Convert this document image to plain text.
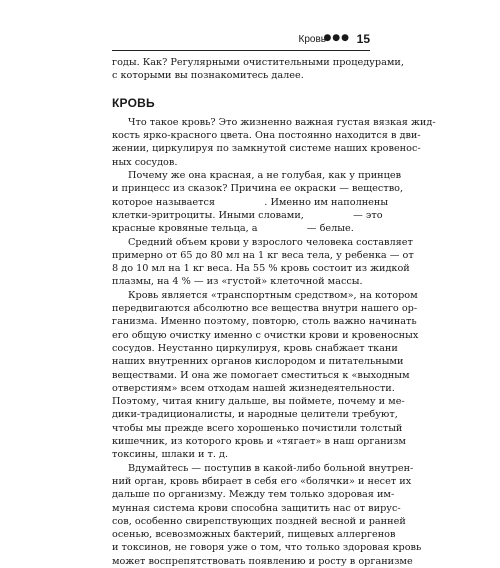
Кровь
●●● 15
годы. Как? Регулярными очистительными процедурами,
с которыми вы познакомитесь далее.
КРОВЬ
Что такое кровь? Это жизненно важная густая вязкая жид-
кость ярко-красного цвета. Она постоянно находится в дви-
жении, циркулируя по замкнутой системе наших кровенос-
ных сосудов.
Почему же она красная, а не голубая, как у принцев
и принцесс из сказок? Причина ее окраски — вещество,
которое называется                . Именно им наполнены
клетки-эритроциты. Иными словами,                — это
красные кровяные тельца, а                — белые.
Средний объем крови у взрослого человека составляет
примерно от 65 до 80 мл на 1 кг веса тела, у ребенка — от
8 до 10 мл на 1 кг веса. На 55 % кровь состоит из жидкой
плазмы, на 4 % — из «густой» клеточной массы.
Кровь является «транспортным средством», на котором
передвигаются абсолютно все вещества внутри нашего ор-
ганизма. Именно поэтому, повторю, столь важно начинать
его общую очистку именно с очистки крови и кровеносных
сосудов. Неустанно циркулируя, кровь снабжает ткани
наших внутренних органов кислородом и питательными
веществами. И она же помогает сместиться к «выходным
отверстиям» всем отходам нашей жизнедеятельности.
Поэтому, читая книгу дальше, вы поймете, почему и ме-
дики-традиционалисты, и народные целители требуют,
чтобы мы прежде всего хорошенько почистили толстый
кишечник, из которого кровь и «тягает» в наш организм
токсины, шлаки и т. д.
Вдумайтесь — поступив в какой-либо больной внутрен-
ний орган, кровь вбирает в себя его «болячки» и несет их
дальше по организму. Между тем только здоровая им-
мунная система крови способна защитить нас от вирус-
сов, особенно свирепствующих поздней весной и ранней
осенью, всевозможных бактерий, пищевых аллергенов
и токсинов, не говоря уже о том, что только здоровая кровь
может воспрепятствовать появлению и росту в организме
